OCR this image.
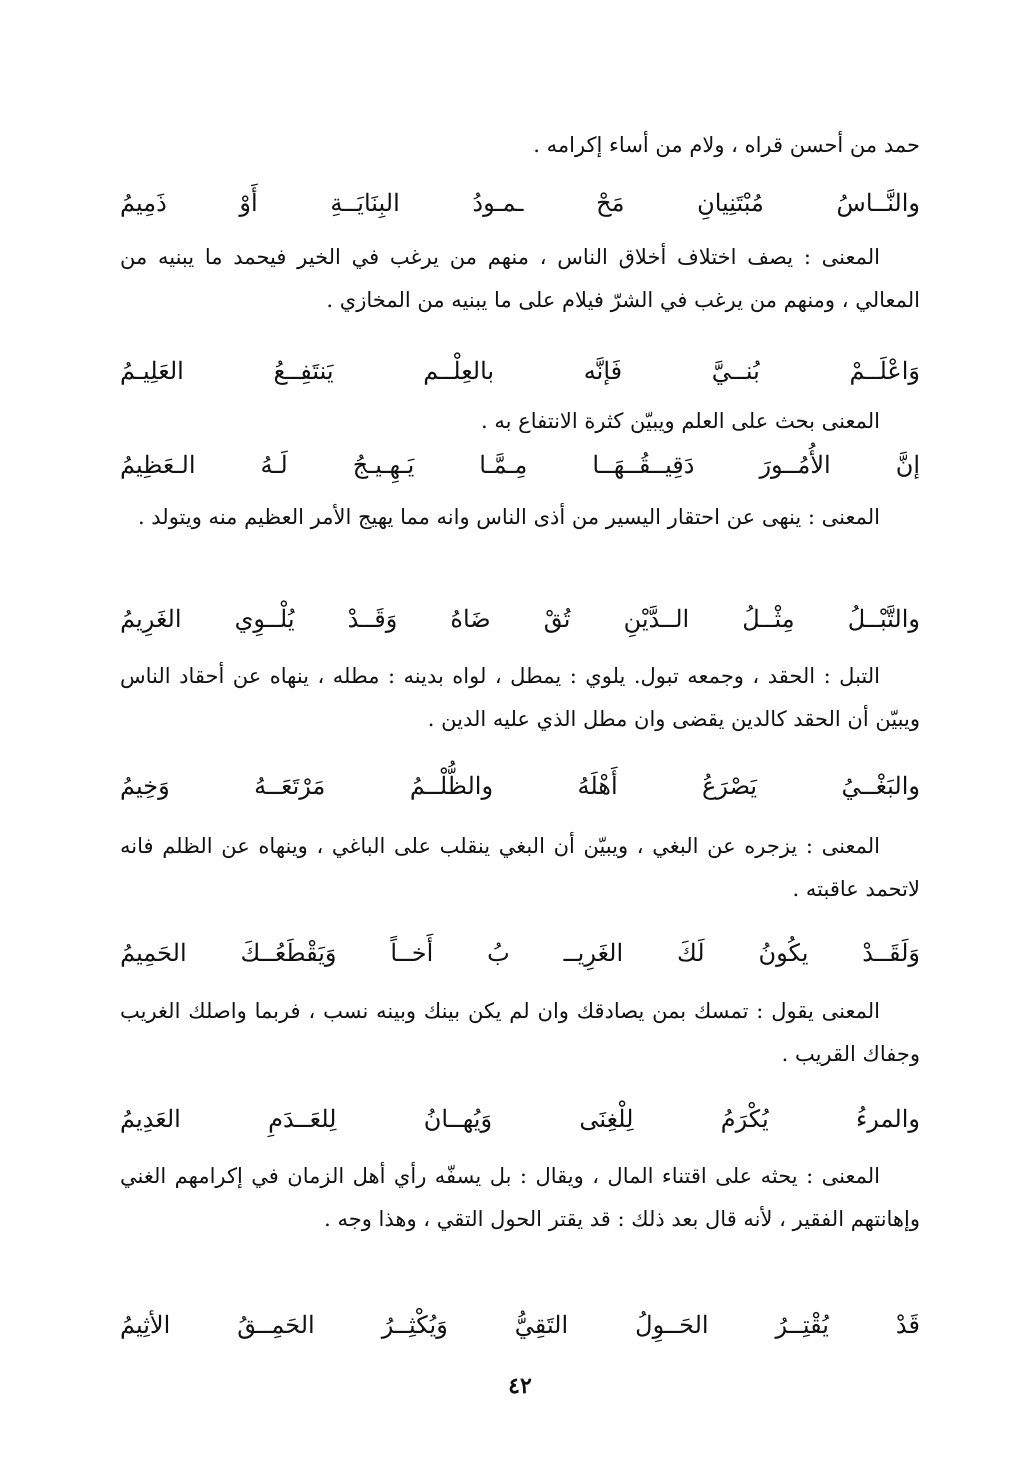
حمد من أحسن قراه ، ولام من أساء إكرامه .
والنَّــاسُ
مُبْتَنِيانِ
مَحْ
ـمـودُ
البِنَايَــةِ
أَوْ
ذَمِيمُ
المعنى : يصف اختلاف أخلاق الناس ، منهم من يرغب في الخير فيحمد ما يبنيه من المعالي ، ومنهم من يرغب في الشرّ فيلام على ما يبنيه من المخازي .
وَاعْلَــمْ
بُنــيَّ
فَإنَّه
بالعِلْــم
يَنتَفِــعُ
العَلِيـمُ
المعنى بحث على العلم ويبيّن كثرة الانتفاع به .
إنَّ
الأُمُــورَ
دَقِيــقُــهَــا
مِـمَّـا
يَـهِـيـجُ
لَـهُ
الـعَظِيمُ
المعنى : ينهى عن احتقار اليسير من أذى الناس وانه مما يهيج الأمر العظيم منه ويتولد .
والتَّبْــلُ
مِثْــلُ
الــدَّيْنِ
تُقْ
ضَاهُ
وَقَــدْ
يُلْــوِي
الغَرِيمُ
التبل : الحقد ، وجمعه تبول. يلوي : يمطل ، لواه بدينه : مطله ، ينهاه عن أحقاد الناس ويبيّن أن الحقد كالدين يقضى وان مطل الذي عليه الدين .
والبَغْــيُ
يَصْرَعُ
أَهْلَهُ
والظُّلْــمُ
مَرْتَعَــهُ
وَخِيمُ
المعنى : يزجره عن البغي ، ويبيّن أن البغي ينقلب على الباغي ، وينهاه عن الظلم فانه لاتحمد عاقبته .
وَلَقَــدْ
يكُونُ
لَكَ
الغَرِيــ
بُ
أَخــاً
وَيَقْطَعُــكَ
الحَمِيمُ
المعنى يقول : تمسك بمن يصادقك وان لم يكن بينك وبينه نسب ، فربما واصلك الغريب وجفاك القريب .
والمرءُ
يُكْرَمُ
لِلْغِنَى
وَيُهــانُ
لِلعَــدَمِ
العَدِيمُ
المعنى : يحثه على اقتناء المال ، ويقال : بل يسفّه رأي أهل الزمان في إكرامهم الغني وإهانتهم الفقير ، لأنه قال بعد ذلك : قد يقتر الحول التقي ، وهذا وجه .
قَدْ
يُقْتِــرُ
الحَــوِلُ
التَقِيُّ
وَيُكْثِــرُ
الحَمِــقُ
الأثِيمُ
٤٢
